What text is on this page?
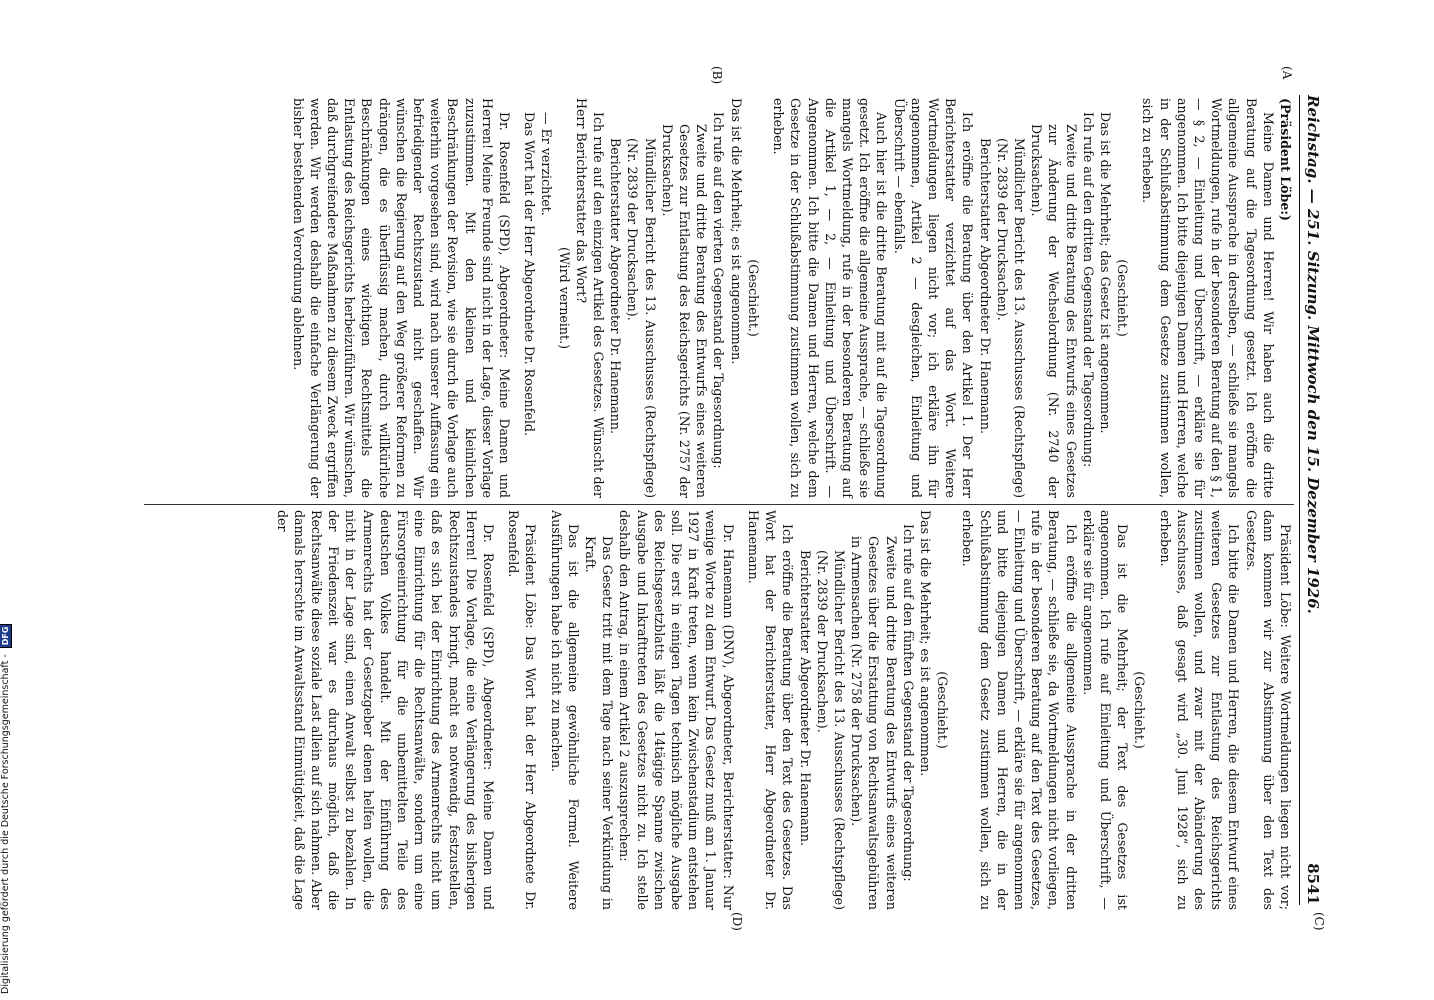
Reichstag. — 251. Sitzung. Mittwoch den 15. Dezember 1926.
8541
(A
(B)
(C)
(D)

(Präsident Löbe:)

Meine Damen und Herren! Wir haben auch die dritte Beratung auf die Tagesordnung gesetzt. Ich eröffne die allgemeine Aussprache in derselben, — schließe sie mangels Wortmeldungen, rufe in der besonderen Beratung auf den § 1, — § 2, — Einleitung und Überschrift, — erkläre sie für angenommen. Ich bitte diejenigen Damen und Herren, welche in der Schlußabstimmung dem Gesetze zustimmen wollen, sich zu erheben.

(Geschieht.)

Das ist die Mehrheit; das Gesetz ist angenommen.

Ich rufe auf den dritten Gegenstand der Tagesordnung:

Zweite und dritte Beratung des Entwurfs eines Gesetzes zur Änderung der Wechselordnung (Nr. 2740 der Drucksachen).

Mündlicher Bericht des 13. Ausschusses (Rechtspflege) (Nr. 2839 der Drucksachen).

Berichterstatter Abgeordneter Dr. Hanemann.

Ich eröffne die Beratung über den Artikel 1. Der Herr Berichterstatter verzichtet auf das Wort. Weitere Wortmeldungen liegen nicht vor; ich erkläre ihn für angenommen, Artikel 2 — desgleichen, Einleitung und Überschrift — ebenfalls.

Auch hier ist die dritte Beratung mit auf die Tagesordnung gesetzt. Ich eröffne die allgemeine Aussprache, — schließe sie mangels Wortmeldung, rufe in der besonderen Beratung auf die Artikel 1, — 2, — Einleitung und Überschrift. — Angenommen. Ich bitte die Damen und Herren, welche dem Gesetze in der Schlußabstimmung zustimmen wollen, sich zu erheben.

(Geschieht.)

Das ist die Mehrheit; es ist angenommen.

Ich rufe auf den vierten Gegenstand der Tagesordnung:

Zweite und dritte Beratung des Entwurfs eines weiteren Gesetzes zur Entlastung des Reichsgerichts (Nr. 2757 der Drucksachen).

Mündlicher Bericht des 13. Ausschusses (Rechtspflege) (Nr. 2839 der Drucksachen).

Berichterstatter Abgeordneter Dr. Hanemann.

Ich rufe auf den einzigen Artikel des Gesetzes. Wünscht der Herr Berichterstatter das Wort?

(Wird verneint.)

— Er verzichtet.

Das Wort hat der Herr Abgeordnete Dr. Rosenfeld.

Dr. Rosenfeld (SPD), Abgeordneter: Meine Damen und Herren! Meine Freunde sind nicht in der Lage, dieser Vorlage zuzustimmen. Mit den kleinen und kleinlichen Beschränkungen der Revision, wie sie durch die Vorlage auch weiterhin vorgesehen sind, wird nach unserer Auffassung ein befriedigender Rechtszustand nicht geschaffen. Wir wünschen die Regierung auf den Weg größerer Reformen zu drängen, die es überflüssig machen, durch willkürliche Beschränkungen eines wichtigen Rechtsmittels die Entlastung des Reichsgerichts herbeizuführen. Wir wünschen, daß durchgreifendere Maßnahmen zu diesem Zweck ergriffen werden. Wir werden deshalb die einfache Verlängerung der bisher bestehenden Verordnung ablehnen.

Präsident Löbe: Weitere Wortmeldungen liegen nicht vor; dann kommen wir zur Abstimmung über den Text des Gesetzes.

Ich bitte die Damen und Herren, die diesem Entwurf eines weiteren Gesetzes zur Entlastung des Reichsgerichts zustimmen wollen, und zwar mit der Abänderung des Ausschusses, daß gesagt wird „30. Juni 1928“, sich zu erheben.

(Geschieht.)

Das ist die Mehrheit; der Text des Gesetzes ist angenommen. Ich rufe auf Einleitung und Überschrift, — erkläre sie für angenommen.

Ich eröffne die allgemeine Aussprache in der dritten Beratung, — schließe sie, da Wortmeldungen nicht vorliegen, rufe in der besonderen Beratung auf den Text des Gesetzes, — Einleitung und Überschrift, — erkläre sie für angenommen und bitte diejenigen Damen und Herren, die in der Schlußabstimmung dem Gesetz zustimmen wollen, sich zu erheben.

(Geschieht.)

Das ist die Mehrheit; es ist angenommen.

Ich rufe auf den fünften Gegenstand der Tagesordnung:

Zweite und dritte Beratung des Entwurfs eines weiteren Gesetzes über die Erstattung von Rechtsanwaltsgebühren in Armensachen (Nr. 2758 der Drucksachen).

Mündlicher Bericht des 13. Ausschusses (Rechtspflege) (Nr. 2839 der Drucksachen).

Berichterstatter Abgeordneter Dr. Hanemann.

Ich eröffne die Beratung über den Text des Gesetzes. Das Wort hat der Berichterstatter, Herr Abgeordneter Dr. Hanemann.

Dr. Hanemann (DNV), Abgeordneter, Berichterstatter: Nur wenige Worte zu dem Entwurf. Das Gesetz muß am 1. Januar 1927 in Kraft treten, wenn kein Zwischenstadium entstehen soll. Die erst in einigen Tagen technisch mögliche Ausgabe des Reichsgesetzblatts läßt die 14tägige Spanne zwischen Ausgabe und Inkrafttreten des Gesetzes nicht zu. Ich stelle deshalb den Antrag, in einem Artikel 2 auszusprechen:

Das Gesetz tritt mit dem Tage nach seiner Verkündung in Kraft.

Das ist die allgemeine gewöhnliche Formel. Weitere Ausführungen habe ich nicht zu machen.

Präsident Löbe: Das Wort hat der Herr Abgeordnete Dr. Rosenfeld.

Dr. Rosenfeld (SPD), Abgeordneter: Meine Damen und Herren! Die Vorlage, die eine Verlängerung des bisherigen Rechtszustandes bringt, macht es notwendig, festzustellen, daß es sich bei der Einrichtung des Armenrechts nicht um eine Einrichtung für die Rechtsanwälte, sondern um eine Fürsorgeeinrichtung für die unbemittelten Teile des deutschen Volkes handelt. Mit der Einführung des Armenrechts hat der Gesetzgeber denen helfen wollen, die nicht in der Lage sind, einen Anwalt selbst zu bezahlen. In der Friedenszeit war es durchaus möglich, daß die Rechtsanwälte diese soziale Last allein auf sich nahmen. Aber damals herrschte im Anwaltsstand Einmütigkeit, daß die Lage der

Digitalisierung gefördert durch die Deutsche Forschungsgemeinschaft - DFG
